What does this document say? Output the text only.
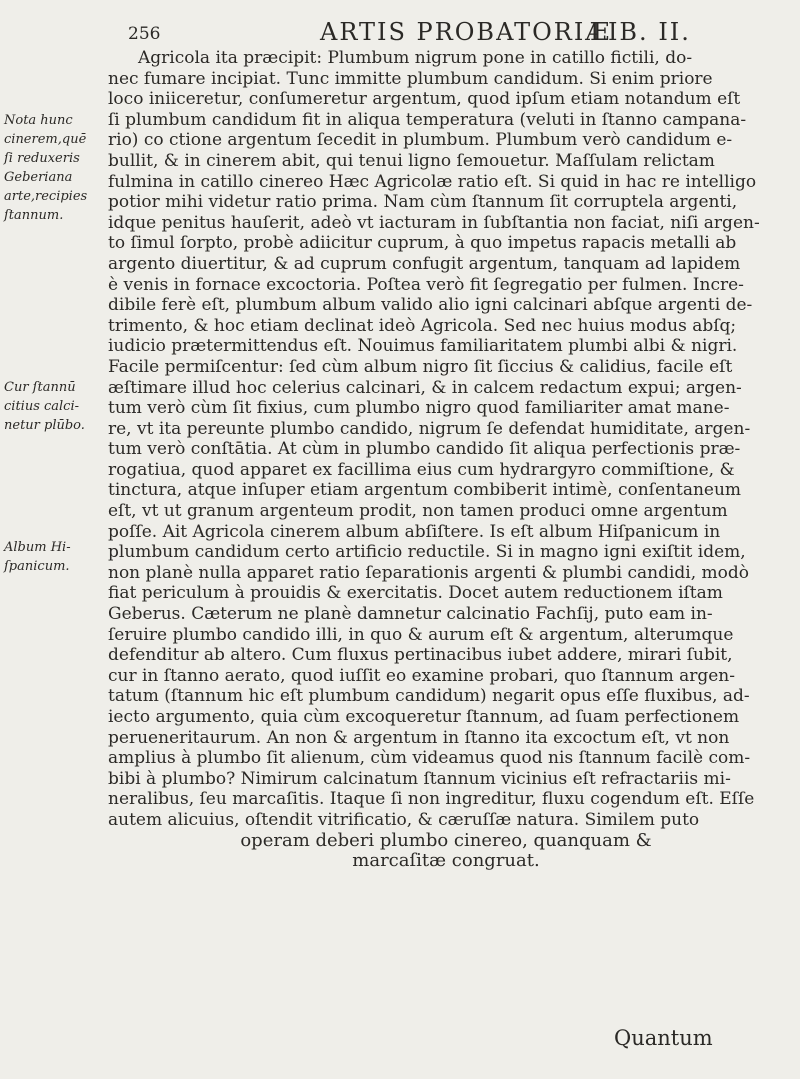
256	ARTIS PROBATORIÆ
LIB. II.
Nota hunc
cinerem,quē
ſi reduxeris
Geberiana
arte,recipies
ſtannum.
Cur ſtannū
citius calci-
netur plūbo.
Album Hi-
ſpanicum.
Agricola ita præcipit: Plumbum nigrum pone in catillo fictili, do-
nec fumare incipiat. Tunc immitte plumbum candidum. Si enim priore
loco iniiceretur, conſumeretur argentum, quod ipſum etiam notandum eſt
ſi plumbum candidum fit in aliqua temperatura (veluti in ſtanno campana-
rio) co ctione argentum ſecedit in plumbum. Plumbum verò candidum e-
bullit, & in cinerem abit, qui tenui ligno ſemouetur. Maſſulam relictam
fulmina in catillo cinereo Hæc Agricolæ ratio eſt. Si quid in hac re intelligo
potior mihi videtur ratio prima. Nam cùm ſtannum ſit corruptela argenti,
idque penitus hauſerit, adeò vt iacturam in ſubſtantia non faciat, niſi argen-
to ſimul ſorpto, probè adiicitur cuprum, à quo impetus rapacis metalli ab
argento diuertitur, & ad cuprum confugit argentum, tanquam ad lapidem
è venis in fornace excoctoria. Poſtea verò fit ſegregatio per fulmen. Incre-
dibile ferè eſt, plumbum album valido alio igni calcinari abſque argenti de-
trimento, & hoc etiam declinat ideò Agricola. Sed nec huius modus abſq;
iudicio prætermittendus eſt. Nouimus familiaritatem plumbi albi & nigri.
Facile permiſcentur: ſed cùm album nigro ſit ſiccius & calidius, facile eſt
æſtimare illud hoc celerius calcinari, & in calcem redactum expui; argen-
tum verò cùm ſit fixius, cum plumbo nigro quod familiariter amat mane-
re, vt ita pereunte plumbo candido, nigrum ſe defendat humiditate, argen-
tum verò conſtātia. At cùm in plumbo candido ſit aliqua perfectionis præ-
rogatiua, quod apparet ex facillima eius cum hydrargyro commiſtione, &
tinctura, atque inſuper etiam argentum combiberit intimè, conſentaneum
eſt, vt ut granum argenteum prodit, non tamen produci omne argentum
poſſe. Ait Agricola cinerem album abſiſtere. Is eſt album Hiſpanicum in
plumbum candidum certo artificio reductile. Si in magno igni exiſtit idem,
non planè nulla apparet ratio ſeparationis argenti & plumbi candidi, modò
fiat periculum à prouidis & exercitatis. Docet autem reductionem iſtam
Geberus. Cæterum ne planè damnetur calcinatio Fachſij, puto eam in-
ſeruire plumbo candido illi, in quo & aurum eſt & argentum, alterumque
defenditur ab altero. Cum fluxus pertinacibus iubet addere, mirari ſubit,
cur in ſtanno aerato, quod iuſſit eo examine probari, quo ſtannum argen-
tatum (ſtannum hic eſt plumbum candidum) negarit opus eſſe fluxibus, ad-
iecto argumento, quia cùm excoqueretur ſtannum, ad ſuam perfectionem
perueneritaurum. An non & argentum in ſtanno ita excoctum eſt, vt non
amplius à plumbo ſit alienum, cùm videamus quod nis ſtannum facilè com-
bibi à plumbo? Nimirum calcinatum ſtannum vicinius eſt refractariis mi-
neralibus, ſeu marcaſitis. Itaque ſi non ingreditur, fluxu cogendum eſt. Eſſe
autem alicuius, oſtendit vitrificatio, & cæruſſæ natura. Similem puto
operam deberi plumbo cinereo, quanquam &
marcaſitæ congruat.
Quantum
